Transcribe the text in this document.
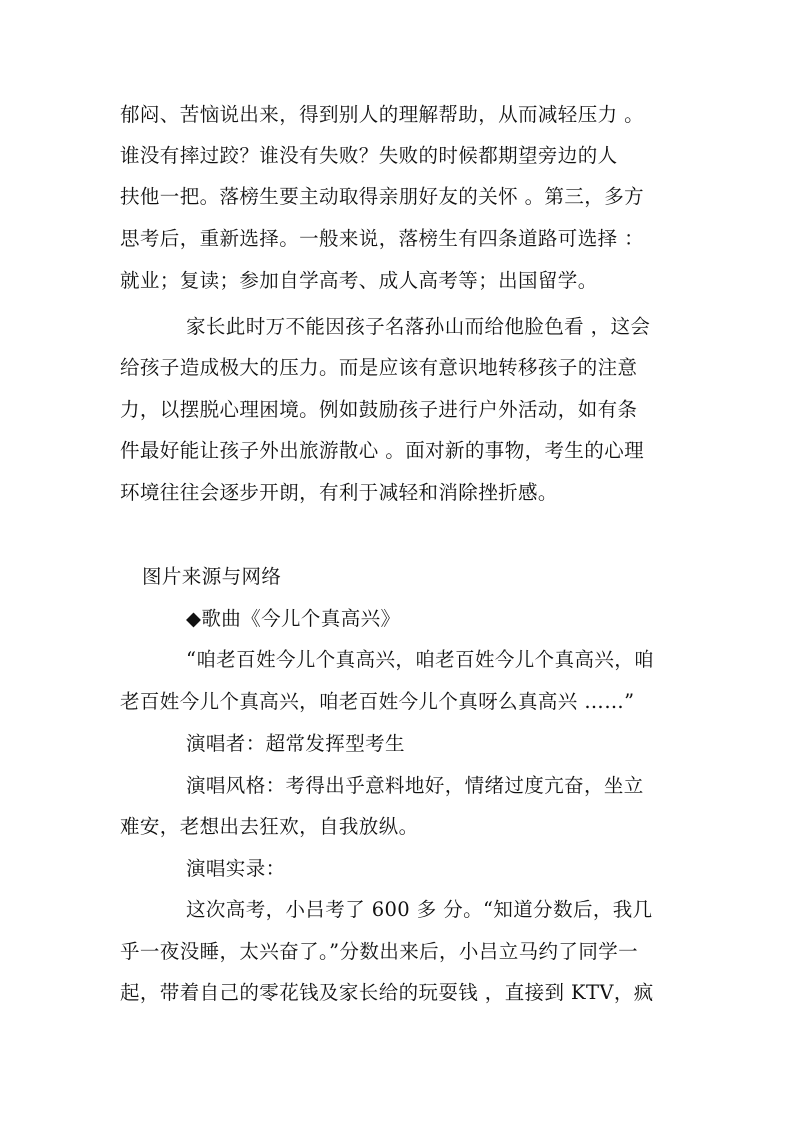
郁闷、苦恼说出来，得到别人的理解帮助，从而减轻压力 。
谁没有摔过跤？谁没有失败？失败的时候都期望旁边的人
扶他一把。落榜生要主动取得亲朋好友的关怀 。第三，多方
思考后，重新选择。一般来说，落榜生有四条道路可选择 ：
就业；复读；参加自学高考、成人高考等；出国留学。
家长此时万不能因孩子名落孙山而给他脸色看 ，这会
给孩子造成极大的压力。而是应该有意识地转移孩子的注意
力，以摆脱心理困境。例如鼓励孩子进行户外活动，如有条
件最好能让孩子外出旅游散心 。面对新的事物，考生的心理
环境往往会逐步开朗，有利于减轻和消除挫折感。
图片来源与网络
◆歌曲《今儿个真高兴》
“咱老百姓今儿个真高兴，咱老百姓今儿个真高兴，咱
老百姓今儿个真高兴，咱老百姓今儿个真呀么真高兴 ……”
演唱者：超常发挥型考生
演唱风格：考得出乎意料地好，情绪过度亢奋，坐立
难安，老想出去狂欢，自我放纵。
演唱实录：
这次高考，小吕考了 600 多 分。“知道分数后，我几
乎一夜没睡，太兴奋了。”分数出来后，小吕立马约了同学一
起，带着自己的零花钱及家长给的玩耍钱 ，直接到 KTV，疯
